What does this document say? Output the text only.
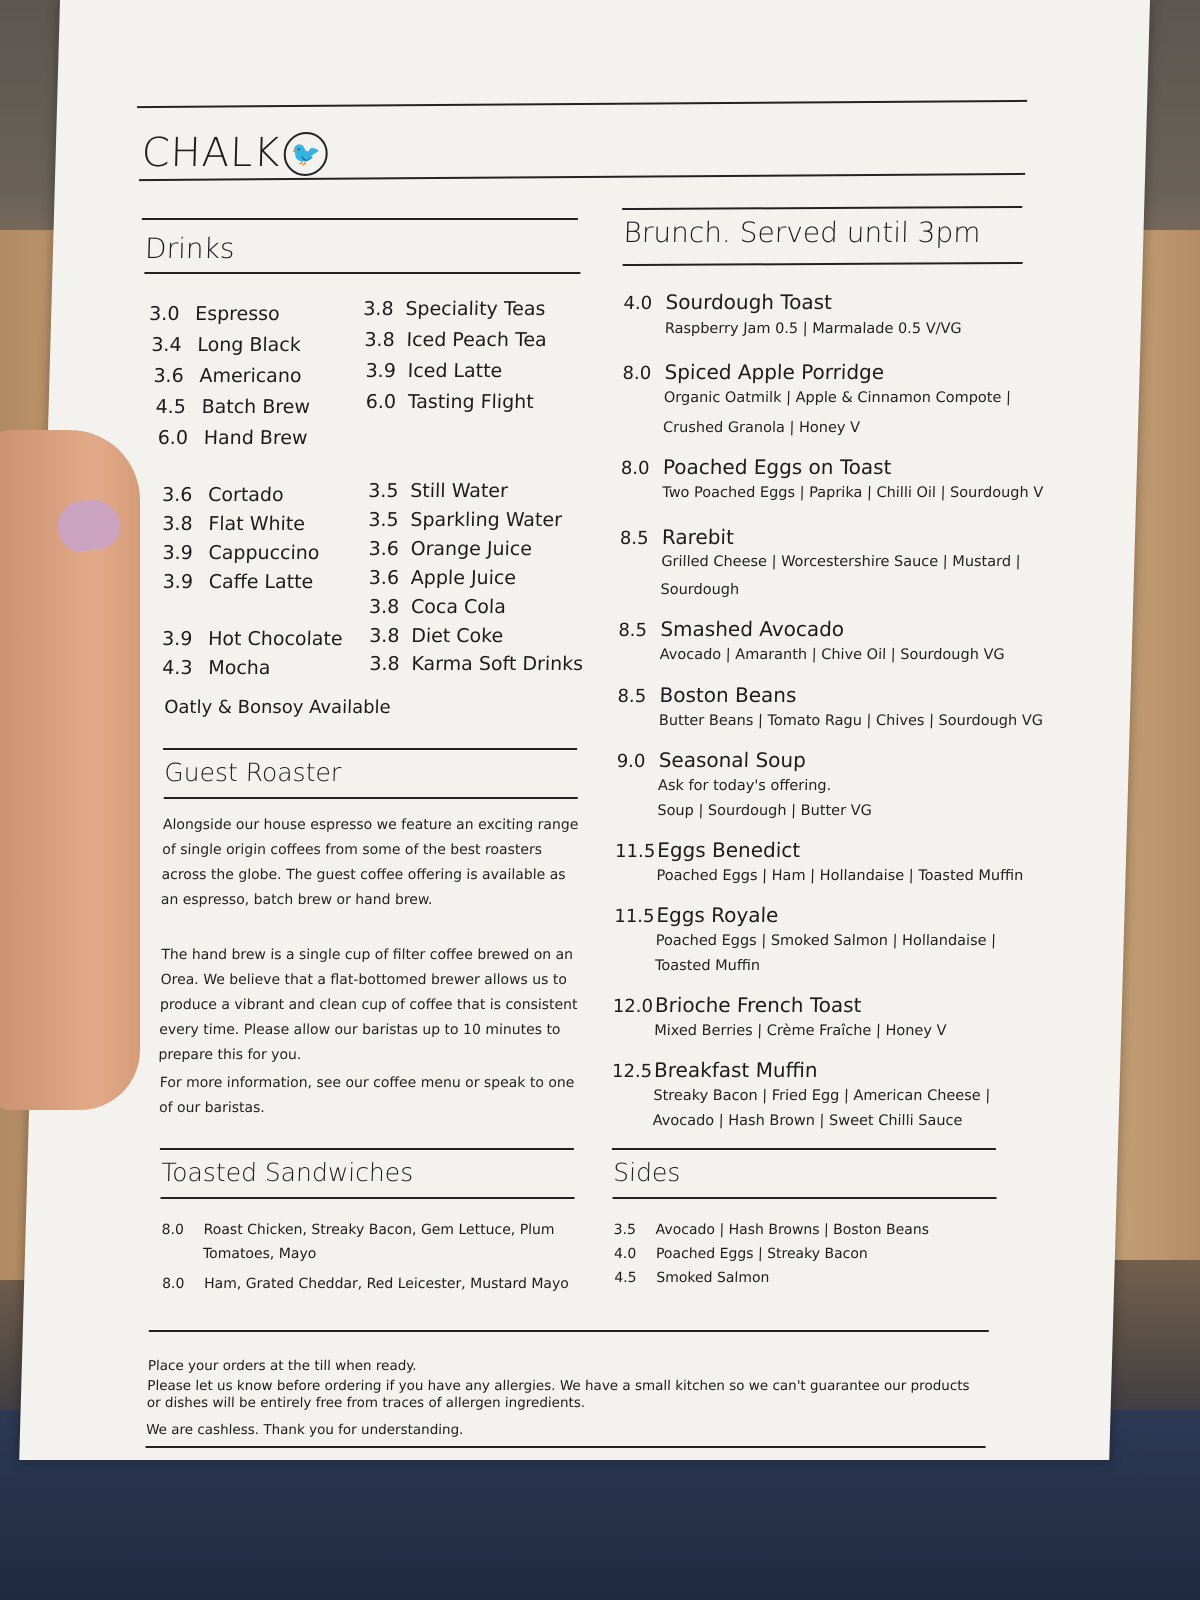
CHALK 🐦
Drinks
3.0 Espresso
3.4 Long Black
3.6 Americano
4.5 Batch Brew
6.0 Hand Brew
3.6 Cortado
3.8 Flat White
3.9 Cappuccino
3.9 Caffe Latte
3.9 Hot Chocolate
4.3 Mocha
3.8 Speciality Teas
3.8 Iced Peach Tea
3.9 Iced Latte
6.0 Tasting Flight
3.5 Still Water
3.5 Sparkling Water
3.6 Orange Juice
3.6 Apple Juice
3.8 Coca Cola
3.8 Diet Coke
3.8 Karma Soft Drinks
Oatly & Bonsoy Available
Guest Roaster
Alongside our house espresso we feature an exciting range of single origin coffees from some of the best roasters across the globe. The guest coffee offering is available as an espresso, batch brew or hand brew.
The hand brew is a single cup of filter coffee brewed on an Orea. We believe that a flat-bottomed brewer allows us to produce a vibrant and clean cup of coffee that is consistent every time. Please allow our baristas up to 10 minutes to prepare this for you.
For more information, see our coffee menu or speak to one of our baristas.
Toasted Sandwiches
8.0 Roast Chicken, Streaky Bacon, Gem Lettuce, Plum
Tomatoes, Mayo
8.0 Ham, Grated Cheddar, Red Leicester, Mustard Mayo
Brunch. Served until 3pm
4.0 Sourdough Toast
Raspberry Jam 0.5 | Marmalade 0.5 V/VG
8.0 Spiced Apple Porridge
Organic Oatmilk | Apple & Cinnamon Compote |
Crushed Granola | Honey V
8.0 Poached Eggs on Toast
Two Poached Eggs | Paprika | Chilli Oil | Sourdough V
8.5 Rarebit
Grilled Cheese | Worcestershire Sauce | Mustard |
Sourdough
8.5 Smashed Avocado
Avocado | Amaranth | Chive Oil | Sourdough VG
8.5 Boston Beans
Butter Beans | Tomato Ragu | Chives | Sourdough VG
9.0 Seasonal Soup
Ask for today's offering.
Soup | Sourdough | Butter VG
11.5Eggs Benedict
Poached Eggs | Ham | Hollandaise | Toasted Muffin
11.5Eggs Royale
Poached Eggs | Smoked Salmon | Hollandaise |
Toasted Muffin
12.0Brioche French Toast
Mixed Berries | Crème Fraîche | Honey V
12.5Breakfast Muffin
Streaky Bacon | Fried Egg | American Cheese |
Avocado | Hash Brown | Sweet Chilli Sauce
Sides
3.5 Avocado | Hash Browns | Boston Beans
4.0 Poached Eggs | Streaky Bacon
4.5 Smoked Salmon
Place your orders at the till when ready.
Please let us know before ordering if you have any allergies. We have a small kitchen so we can't guarantee our products or dishes will be entirely free from traces of allergen ingredients.
We are cashless. Thank you for understanding.
